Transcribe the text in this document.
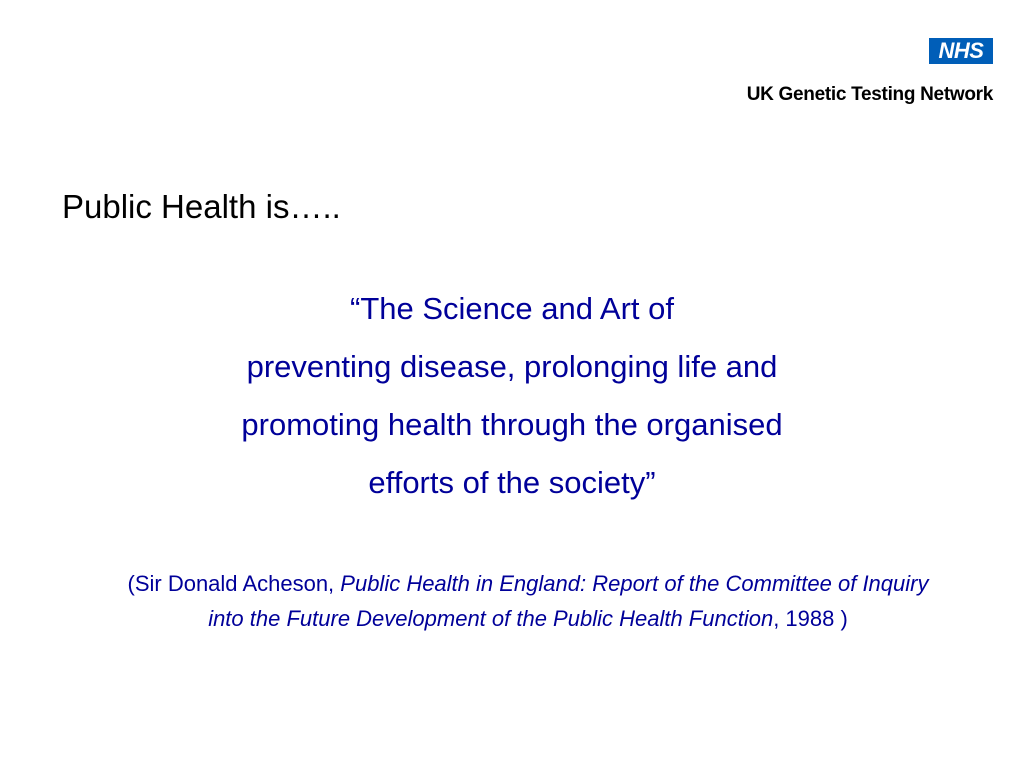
NHS
UK Genetic Testing Network
Public Health is…..
“The Science and Art of
preventing disease, prolonging life and
promoting health through the organised
efforts of the society”
(Sir Donald Acheson, Public Health in England: Report of the Committee of Inquiry into the Future Development of the Public Health Function, 1988 )
